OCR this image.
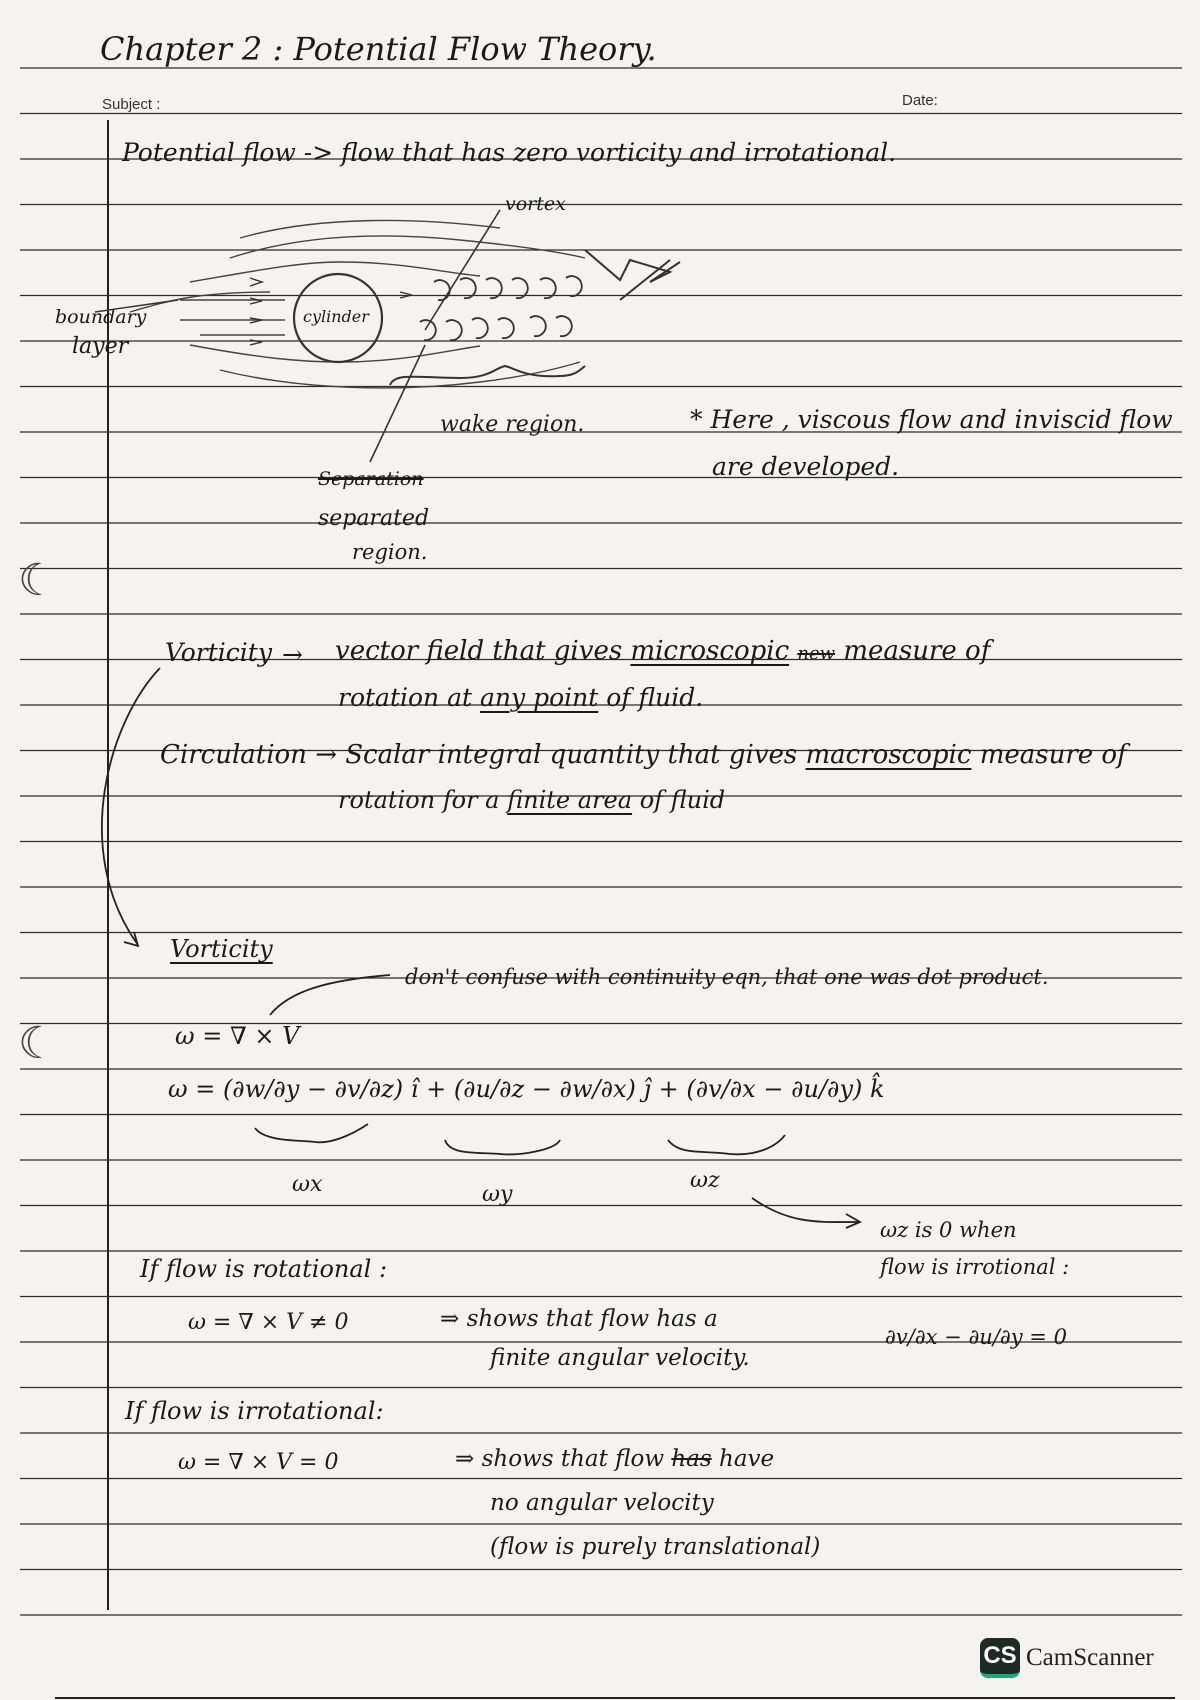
Chapter 2 : Potential Flow Theory.
Subject :	Date:
Potential flow -> flow that has zero vorticity and irrotational.
vortex
boundary
layer
cylinder
wake region.
Separation
separated
region.
* Here , viscous flow and inviscid flow
are developed.
☾
Vorticity → vector field that gives microscopic new measure of
rotation at any point of fluid.
Circulation → Scalar integral quantity that gives macroscopic measure of
rotation for a finite area of fluid
Vorticity
don't confuse with continuity eqn, that one was dot product.
☾	ω = ∇ × V
ω = (∂w/∂y − ∂v/∂z) î + (∂u/∂z − ∂w/∂x) ĵ + (∂v/∂x − ∂u/∂y) k̂
ωx	ωy
ωz
ωz is 0 when
flow is irrotional :
∂v/∂x − ∂u/∂y = 0
If flow is rotational :
ω = ∇ × V ≠ 0	⇒ shows that flow has a
finite angular velocity.
If flow is irrotational:
ω = ∇ × V = 0	⇒ shows that flow has have
no angular velocity
(flow is purely translational)
CS CamScanner
